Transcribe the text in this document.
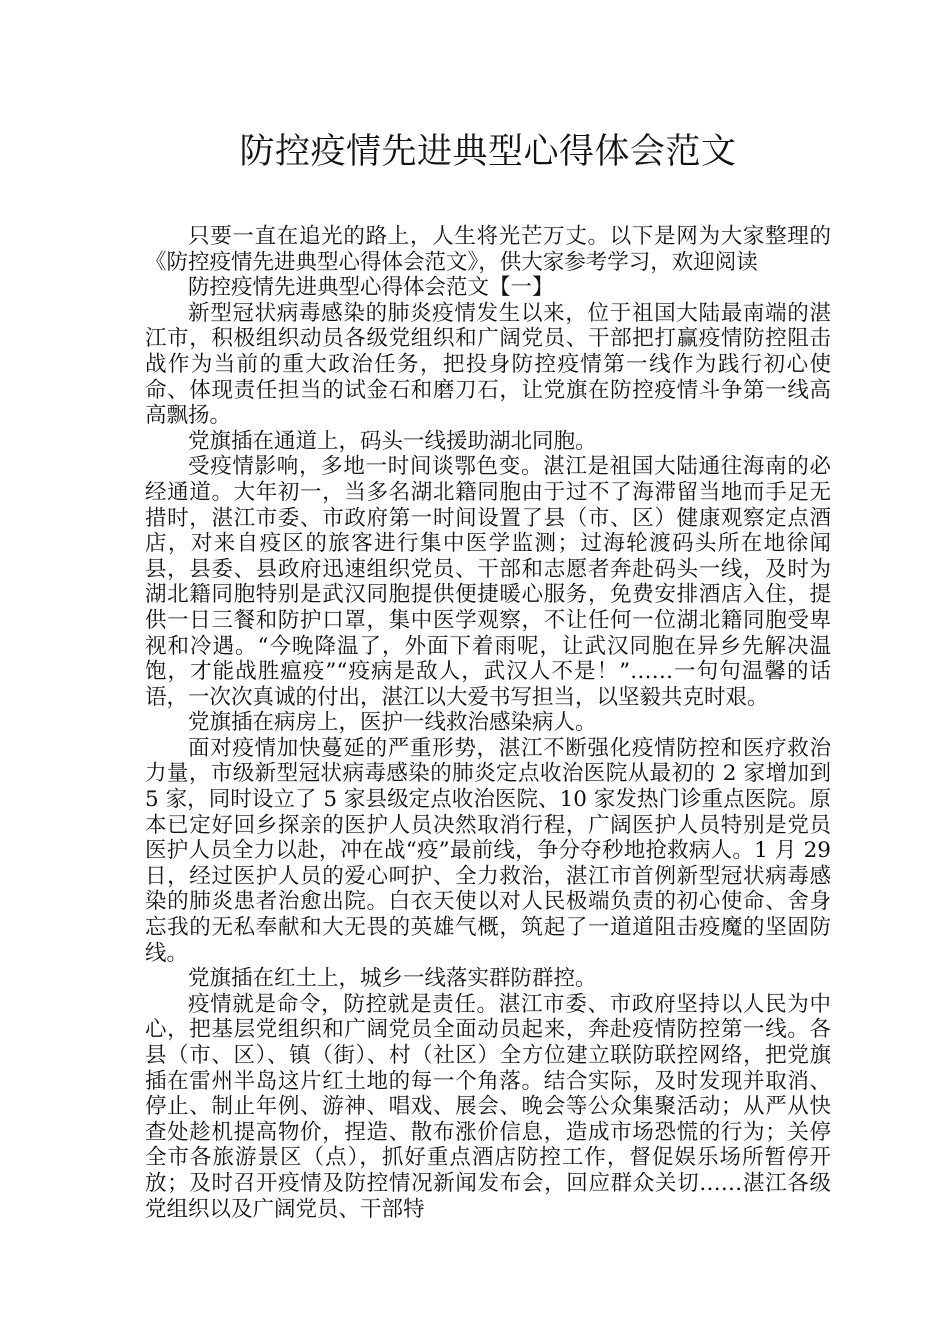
防控疫情先进典型心得体会范文

只要一直在追光的路上，人生将光芒万丈。以下是网为大家整理的《防控疫情先进典型心得体会范文》，供大家参考学习，欢迎阅读

防控疫情先进典型心得体会范文【一】

新型冠状病毒感染的肺炎疫情发生以来，位于祖国大陆最南端的湛江市，积极组织动员各级党组织和广阔党员、干部把打赢疫情防控阻击战作为当前的重大政治任务，把投身防控疫情第一线作为践行初心使命、体现责任担当的试金石和磨刀石，让党旗在防控疫情斗争第一线高高飘扬。

党旗插在通道上，码头一线援助湖北同胞。

受疫情影响，多地一时间谈鄂色变。湛江是祖国大陆通往海南的必经通道。大年初一，当多名湖北籍同胞由于过不了海滞留当地而手足无措时，湛江市委、市政府第一时间设置了县（市、区）健康观察定点酒店，对来自疫区的旅客进行集中医学监测；过海轮渡码头所在地徐闻县，县委、县政府迅速组织党员、干部和志愿者奔赴码头一线，及时为湖北籍同胞特别是武汉同胞提供便捷暖心服务，免费安排酒店入住，提供一日三餐和防护口罩，集中医学观察，不让任何一位湖北籍同胞受卑视和冷遇。“今晚降温了，外面下着雨呢，让武汉同胞在异乡先解决温饱，才能战胜瘟疫”“疫病是敌人，武汉人不是！”……一句句温馨的话语，一次次真诚的付出，湛江以大爱书写担当，以坚毅共克时艰。

党旗插在病房上，医护一线救治感染病人。

面对疫情加快蔓延的严重形势，湛江不断强化疫情防控和医疗救治力量，市级新型冠状病毒感染的肺炎定点收治医院从最初的 2 家增加到 5 家，同时设立了 5 家县级定点收治医院、10 家发热门诊重点医院。原本已定好回乡探亲的医护人员决然取消行程，广阔医护人员特别是党员医护人员全力以赴，冲在战“疫”最前线，争分夺秒地抢救病人。1 月 29 日，经过医护人员的爱心呵护、全力救治，湛江市首例新型冠状病毒感染的肺炎患者治愈出院。白衣天使以对人民极端负责的初心使命、舍身忘我的无私奉献和大无畏的英雄气概，筑起了一道道阻击疫魔的坚固防线。

党旗插在红土上，城乡一线落实群防群控。

疫情就是命令，防控就是责任。湛江市委、市政府坚持以人民为中心，把基层党组织和广阔党员全面动员起来，奔赴疫情防控第一线。各县（市、区）、镇（街）、村（社区）全方位建立联防联控网络，把党旗插在雷州半岛这片红土地的每一个角落。结合实际，及时发现并取消、停止、制止年例、游神、唱戏、展会、晚会等公众集聚活动；从严从快查处趁机提高物价，捏造、散布涨价信息，造成市场恐慌的行为；关停全市各旅游景区（点），抓好重点酒店防控工作，督促娱乐场所暂停开放；及时召开疫情及防控情况新闻发布会，回应群众关切……湛江各级党组织以及广阔党员、干部特
